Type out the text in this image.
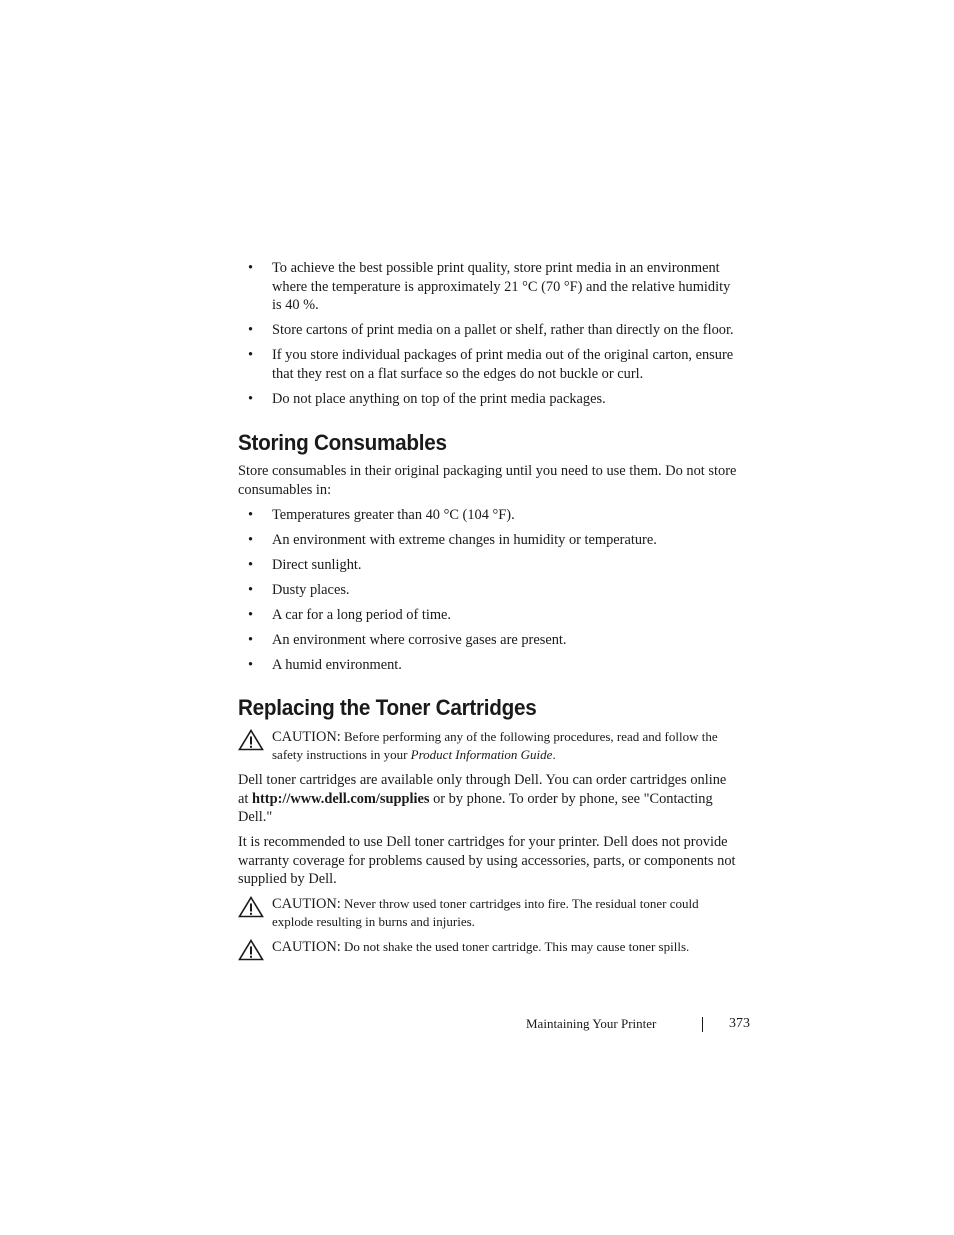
• To achieve the best possible print quality, store print media in an environment where the temperature is approximately 21 °C (70 °F) and the relative humidity is 40 %.
• Store cartons of print media on a pallet or shelf, rather than directly on the floor.
• If you store individual packages of print media out of the original carton, ensure that they rest on a flat surface so the edges do not buckle or curl.
• Do not place anything on top of the print media packages.
Storing Consumables

Store consumables in their original packaging until you need to use them. Do not store consumables in:

• Temperatures greater than 40 °C (104 °F).
• An environment with extreme changes in humidity or temperature.
• Direct sunlight.
• Dusty places.
• A car for a long period of time.
• An environment where corrosive gases are present.
• A humid environment.
Replacing the Toner Cartridges
CAUTION: Before performing any of the following procedures, read and follow the safety instructions in your Product Information Guide.

Dell toner cartridges are available only through Dell. You can order cartridges online at http://www.dell.com/supplies or by phone. To order by phone, see "Contacting Dell."

It is recommended to use Dell toner cartridges for your printer. Dell does not provide warranty coverage for problems caused by using accessories, parts, or components not supplied by Dell.

CAUTION: Never throw used toner cartridges into fire. The residual toner could explode resulting in burns and injuries.
CAUTION: Do not shake the used toner cartridge. This may cause toner spills.
Maintaining Your Printer	373
